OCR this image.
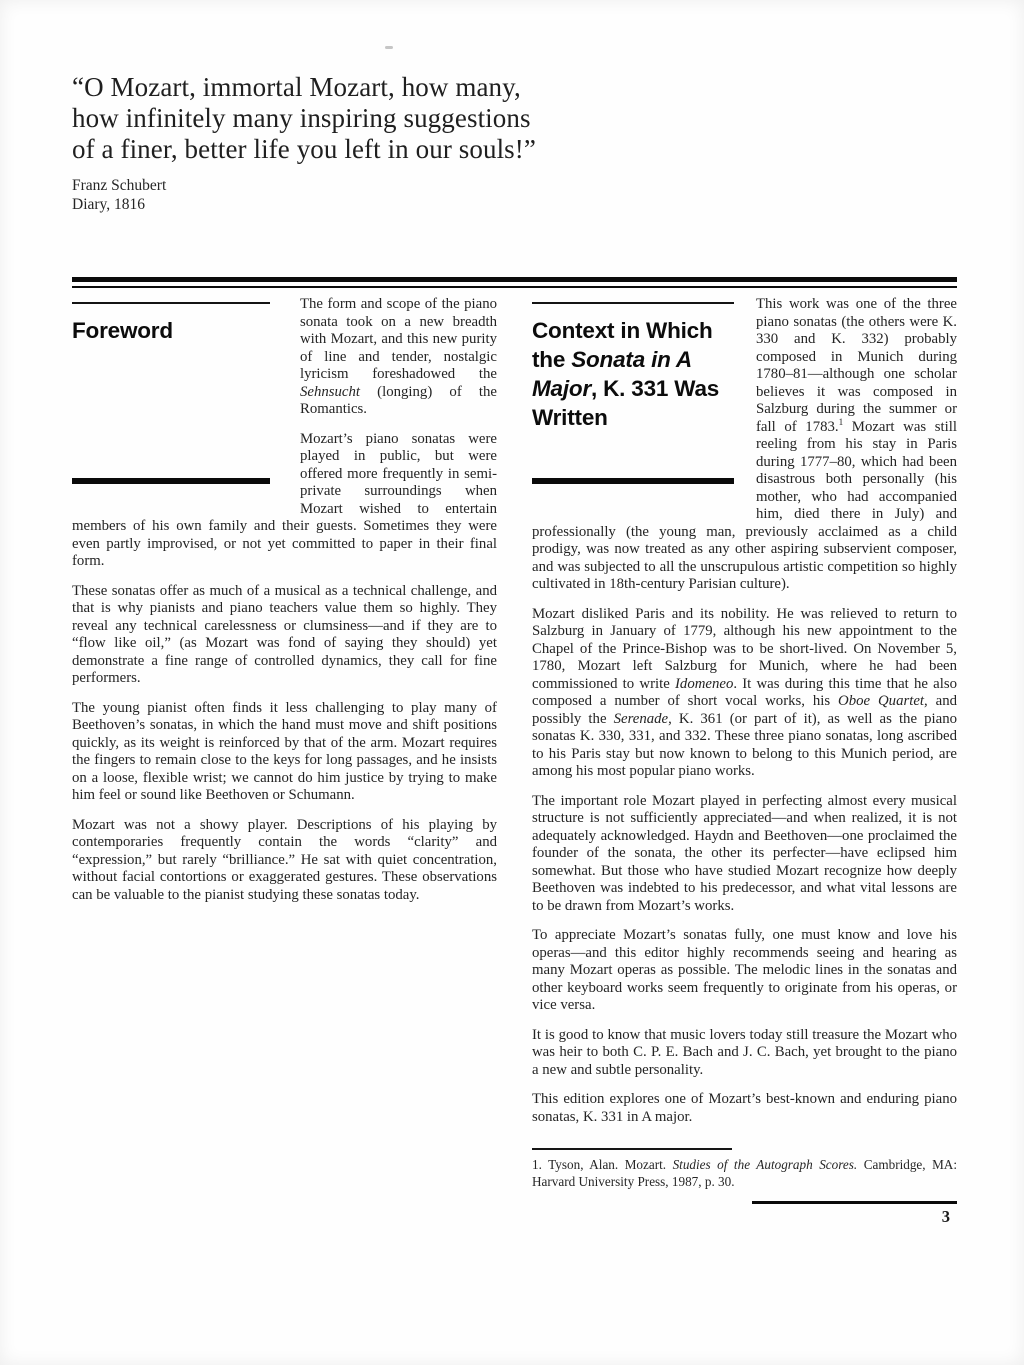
“O Mozart, immortal Mozart, how many,
how infinitely many inspiring suggestions
of a finer, better life you left in our souls!”

Franz Schubert
Diary, 1816
Foreword

The form and scope of the piano sonata took on a new breadth with Mozart, and this new purity of line and tender, nostalgic lyricism foreshadowed the Sehnsucht (longing) of the Romantics.

Mozart’s piano sonatas were played in public, but were offered more frequently in semi-private surroundings when Mozart wished to entertain members of his own family and their guests. Sometimes they were even partly improvised, or not yet committed to paper in their final form.

These sonatas offer as much of a musical as a technical challenge, and that is why pianists and piano teachers value them so highly. They reveal any technical carelessness or clumsiness—and if they are to “flow like oil,” (as Mozart was fond of saying they should) yet demonstrate a fine range of controlled dynamics, they call for fine performers.

The young pianist often finds it less challenging to play many of Beethoven’s sonatas, in which the hand must move and shift positions quickly, as its weight is reinforced by that of the arm. Mozart requires the fingers to remain close to the keys for long passages, and he insists on a loose, flexible wrist; we cannot do him justice by trying to make him feel or sound like Beethoven or Schumann.

Mozart was not a showy player. Descriptions of his playing by contemporaries frequently contain the words “clarity” and “expression,” but rarely “brilliance.” He sat with quiet concentration, without facial contortions or exaggerated gestures. These observations can be valuable to the pianist studying these sonatas today.

Context in Which
the Sonata in A
Major, K. 331 Was
Written

This work was one of the three piano sonatas (the others were K. 330 and K. 332) probably composed in Munich during 1780–81—although one scholar believes it was composed in Salzburg during the summer or fall of 1783.$^1$ Mozart was still reeling from his stay in Paris during 1777–80, which had been disastrous both personally (his mother, who had accompanied him, died there in July) and professionally (the young man, previously acclaimed as a child prodigy, was now treated as any other aspiring subservient composer, and was subjected to all the unscrupulous artistic competition so highly cultivated in 18th-century Parisian culture).

Mozart disliked Paris and its nobility. He was relieved to return to Salzburg in January of 1779, although his new appointment to the Chapel of the Prince-Bishop was to be short-lived. On November 5, 1780, Mozart left Salzburg for Munich, where he had been commissioned to write Idomeneo. It was during this time that he also composed a number of short vocal works, his Oboe Quartet, and possibly the Serenade, K. 361 (or part of it), as well as the piano sonatas K. 330, 331, and 332. These three piano sonatas, long ascribed to his Paris stay but now known to belong to this Munich period, are among his most popular piano works.

The important role Mozart played in perfecting almost every musical structure is not sufficiently appreciated—and when realized, it is not adequately acknowledged. Haydn and Beethoven—one proclaimed the founder of the sonata, the other its perfecter—have eclipsed him somewhat. But those who have studied Mozart recognize how deeply Beethoven was indebted to his predecessor, and what vital lessons are to be drawn from Mozart’s works.

To appreciate Mozart’s sonatas fully, one must know and love his operas—and this editor highly recommends seeing and hearing as many Mozart operas as possible. The melodic lines in the sonatas and other keyboard works seem frequently to originate from his operas, or vice versa.

It is good to know that music lovers today still treasure the Mozart who was heir to both C. P. E. Bach and J. C. Bach, yet brought to the piano a new and subtle personality.

This edition explores one of Mozart’s best-known and enduring piano sonatas, K. 331 in A major.

1. Tyson, Alan. Mozart. Studies of the Autograph Scores. Cambridge, MA: Harvard University Press, 1987, p. 30.

3
